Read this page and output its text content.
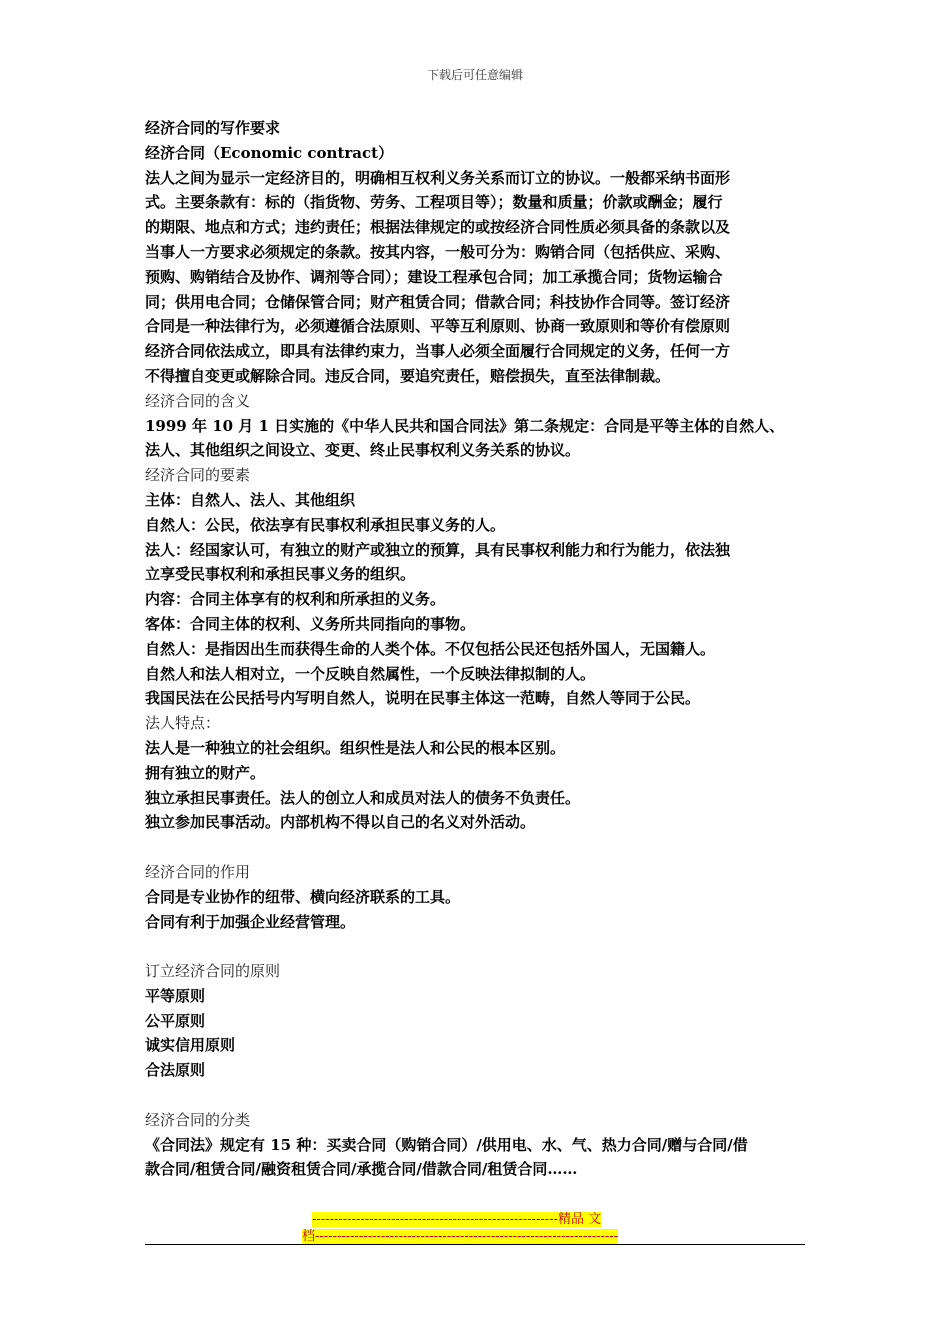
下载后可任意编辑
经济合同的写作要求
经济合同（Economic contract）
法人之间为显示一定经济目的，明确相互权利义务关系而订立的协议。一般都采纳书面形
式。主要条款有：标的（指货物、劳务、工程项目等）；数量和质量；价款或酬金；履行
的期限、地点和方式；违约责任；根据法律规定的或按经济合同性质必须具备的条款以及
当事人一方要求必须规定的条款。按其内容，一般可分为：购销合同（包括供应、采购、
预购、购销结合及协作、调剂等合同）；建设工程承包合同；加工承揽合同；货物运输合
同；供用电合同；仓储保管合同；财产租赁合同；借款合同；科技协作合同等。签订经济
合同是一种法律行为，必须遵循合法原则、平等互利原则、协商一致原则和等价有偿原则
经济合同依法成立，即具有法律约束力，当事人必须全面履行合同规定的义务，任何一方
不得擅自变更或解除合同。违反合同，要追究责任，赔偿损失，直至法律制裁。
经济合同的含义
1999 年 10 月 1 日实施的《中华人民共和国合同法》第二条规定：合同是平等主体的自然人、
法人、其他组织之间设立、变更、终止民事权利义务关系的协议。
经济合同的要素
主体：自然人、法人、其他组织
自然人：公民，依法享有民事权利承担民事义务的人。
法人：经国家认可，有独立的财产或独立的预算，具有民事权利能力和行为能力，依法独
立享受民事权利和承担民事义务的组织。
内容：合同主体享有的权利和所承担的义务。
客体：合同主体的权利、义务所共同指向的事物。
自然人：是指因出生而获得生命的人类个体。不仅包括公民还包括外国人，无国籍人。
自然人和法人相对立，一个反映自然属性，一个反映法律拟制的人。
我国民法在公民括号内写明自然人，说明在民事主体这一范畴，自然人等同于公民。
法人特点：
法人是一种独立的社会组织。组织性是法人和公民的根本区别。
拥有独立的财产。
独立承担民事责任。法人的创立人和成员对法人的债务不负责任。
独立参加民事活动。内部机构不得以自己的名义对外活动。
经济合同的作用
合同是专业协作的纽带、横向经济联系的工具。
合同有利于加强企业经营管理。
订立经济合同的原则
平等原则
公平原则
诚实信用原则
合法原则
经济合同的分类
《合同法》规定有 15 种：买卖合同（购销合同）/供用电、水、气、热力合同/赠与合同/借
款合同/租赁合同/融资租赁合同/承揽合同/借款合同/租赁合同……
--------------------------------------------------------精品 文
档---------------------------------------------------------------------
